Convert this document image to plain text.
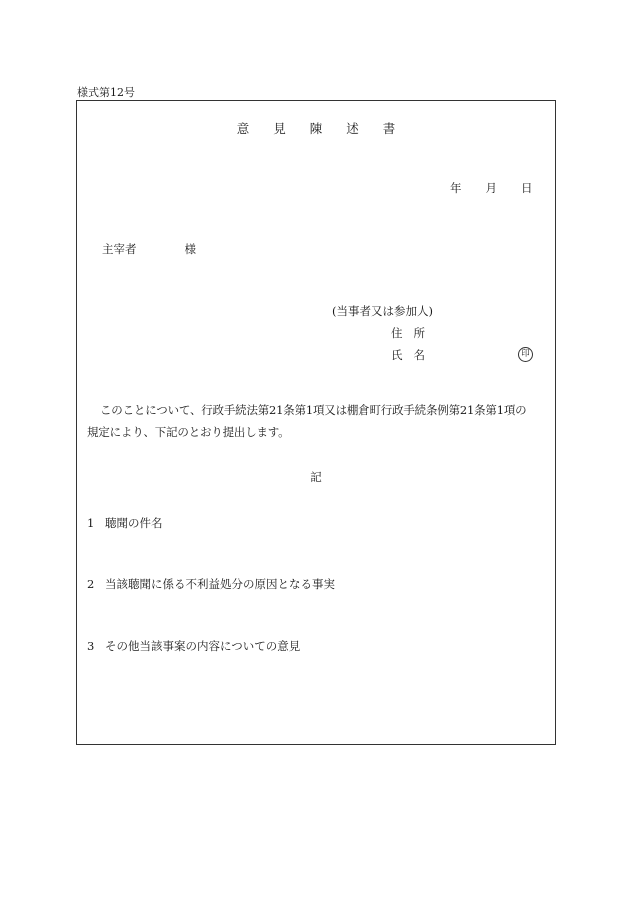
様式第12号
意 見 陳 述 書
年 月 日
主宰者	様
(当事者又は参加人)
住 所
氏 名	印
このことについて、行政手続法第21条第1項又は棚倉町行政手続条例第21条第1項の
規定により、下記のとおり提出します。
記
1 聴聞の件名
2 当該聴聞に係る不利益処分の原因となる事実
3 その他当該事案の内容についての意見
